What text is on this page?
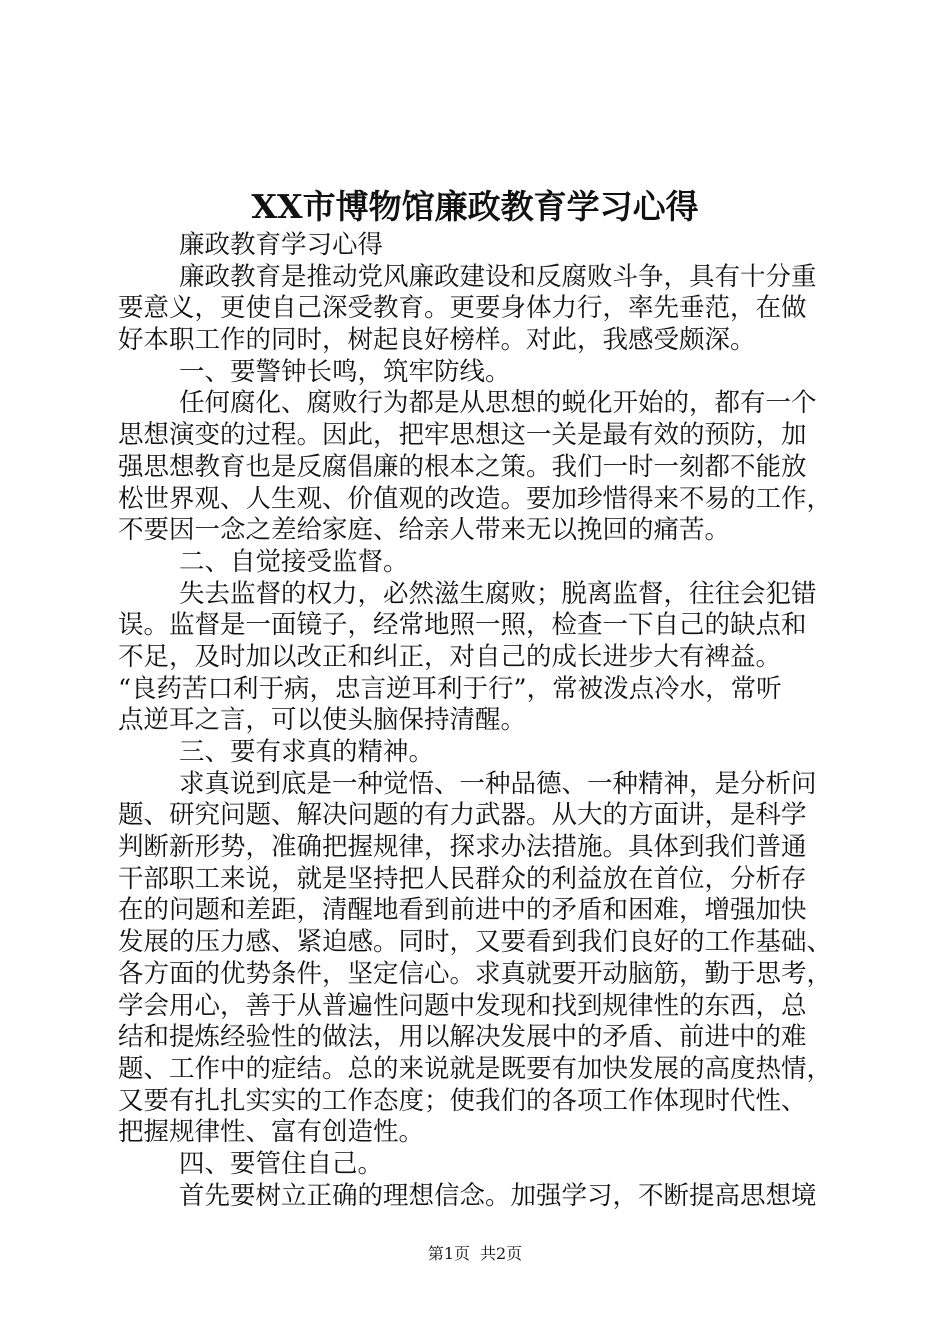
XX市博物馆廉政教育学习心得
廉政教育学习心得
廉政教育是推动党风廉政建设和反腐败斗争，具有十分重
要意义，更使自己深受教育。更要身体力行，率先垂范，在做
好本职工作的同时，树起良好榜样。对此，我感受颇深。
一、要警钟长鸣，筑牢防线。
任何腐化、腐败行为都是从思想的蜕化开始的，都有一个
思想演变的过程。因此，把牢思想这一关是最有效的预防，加
强思想教育也是反腐倡廉的根本之策。我们一时一刻都不能放
松世界观、人生观、价值观的改造。要加珍惜得来不易的工作，
不要因一念之差给家庭、给亲人带来无以挽回的痛苦。
二、自觉接受监督。
失去监督的权力，必然滋生腐败；脱离监督，往往会犯错
误。监督是一面镜子，经常地照一照，检查一下自己的缺点和
不足，及时加以改正和纠正，对自己的成长进步大有裨益。
“良药苦口利于病，忠言逆耳利于行”，常被泼点冷水，常听
点逆耳之言，可以使头脑保持清醒。
三、要有求真的精神。
求真说到底是一种觉悟、一种品德、一种精神，是分析问
题、研究问题、解决问题的有力武器。从大的方面讲，是科学
判断新形势，准确把握规律，探求办法措施。具体到我们普通
干部职工来说，就是坚持把人民群众的利益放在首位，分析存
在的问题和差距，清醒地看到前进中的矛盾和困难，增强加快
发展的压力感、紧迫感。同时，又要看到我们良好的工作基础、
各方面的优势条件，坚定信心。求真就要开动脑筋，勤于思考，
学会用心，善于从普遍性问题中发现和找到规律性的东西，总
结和提炼经验性的做法，用以解决发展中的矛盾、前进中的难
题、工作中的症结。总的来说就是既要有加快发展的高度热情，
又要有扎扎实实的工作态度；使我们的各项工作体现时代性、
把握规律性、富有创造性。
四、要管住自己。
首先要树立正确的理想信念。加强学习，不断提高思想境
第1页 共2页
